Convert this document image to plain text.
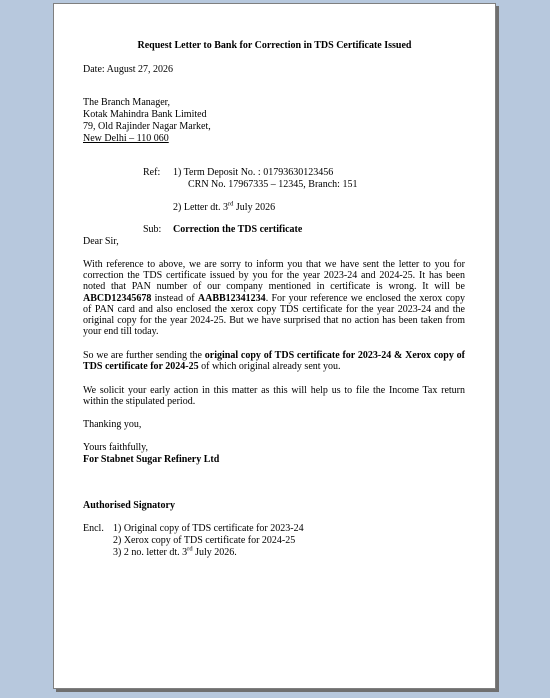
Request Letter to Bank for Correction in TDS Certificate Issued
Date: August 27, 2026
The Branch Manager,
Kotak Mahindra Bank Limited
79, Old Rajinder Nagar Market,
New Delhi – 110 060
Ref: 1) Term Deposit No. : 01793630123456
CRN No. 17967335 – 12345, Branch: 151
2) Letter dt. 3rd July 2026
Sub: Correction the TDS certificate
Dear Sir,
With reference to above, we are sorry to inform you that we have sent the letter to you for correction the TDS certificate issued by you for the year 2023-24 and 2024-25. It has been noted that PAN number of our company mentioned in certificate is wrong. It will be ABCD12345678 instead of AABB12341234. For your reference we enclosed the xerox copy of PAN card and also enclosed the xerox copy TDS certificate for the year 2023-24 and the original copy for the year 2024-25. But we have surprised that no action has been taken from your end till today.
So we are further sending the original copy of TDS certificate for 2023-24 & Xerox copy of TDS certificate for 2024-25 of which original already sent you.
We solicit your early action in this matter as this will help us to file the Income Tax return within the stipulated period.
Thanking you,
Yours faithfully,
For Stabnet Sugar Refinery Ltd
Authorised Signatory
Encl. 1) Original copy of TDS certificate for 2023-24
2) Xerox copy of TDS certificate for 2024-25
3) 2 no. letter dt. 3rd July 2026.
